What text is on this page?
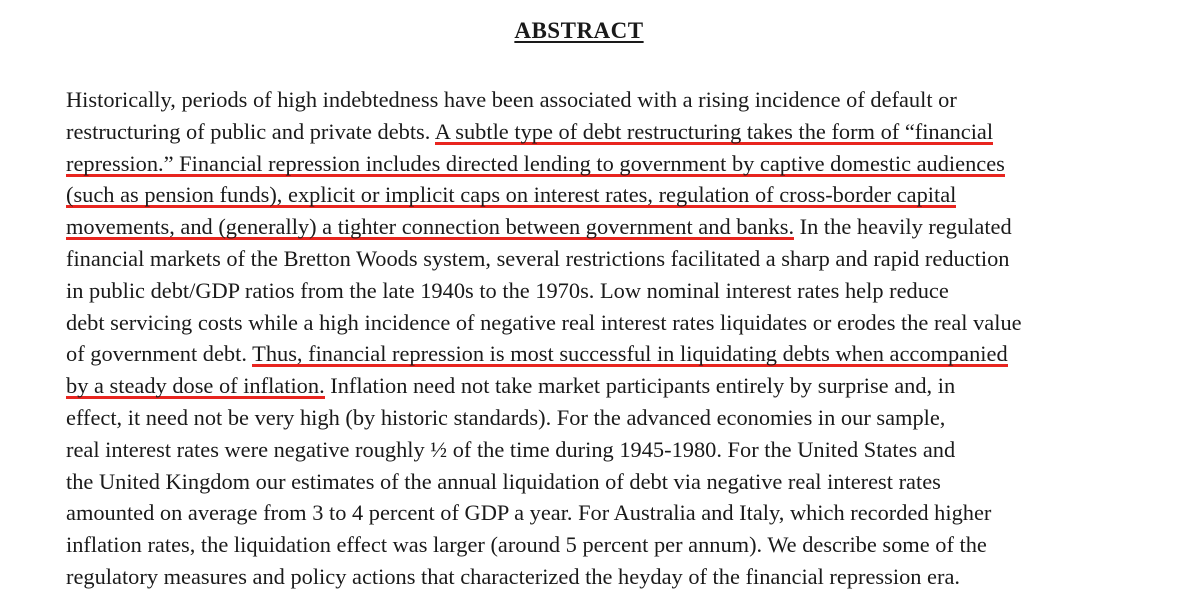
ABSTRACT
Historically, periods of high indebtedness have been associated with a rising incidence of default or
restructuring of public and private debts. A subtle type of debt restructuring takes the form of “financial
repression.” Financial repression includes directed lending to government by captive domestic audiences
(such as pension funds), explicit or implicit caps on interest rates, regulation of cross-border capital
movements, and (generally) a tighter connection between government and banks. In the heavily regulated
financial markets of the Bretton Woods system, several restrictions facilitated a sharp and rapid reduction
in public debt/GDP ratios from the late 1940s to the 1970s. Low nominal interest rates help reduce
debt servicing costs while a high incidence of negative real interest rates liquidates or erodes the real value
of government debt. Thus, financial repression is most successful in liquidating debts when accompanied
by a steady dose of inflation. Inflation need not take market participants entirely by surprise and, in
effect, it need not be very high (by historic standards). For the advanced economies in our sample,
real interest rates were negative roughly ½ of the time during 1945-1980. For the United States and
the United Kingdom our estimates of the annual liquidation of debt via negative real interest rates
amounted on average from 3 to 4 percent of GDP a year. For Australia and Italy, which recorded higher
inflation rates, the liquidation effect was larger (around 5 percent per annum). We describe some of the
regulatory measures and policy actions that characterized the heyday of the financial repression era.
